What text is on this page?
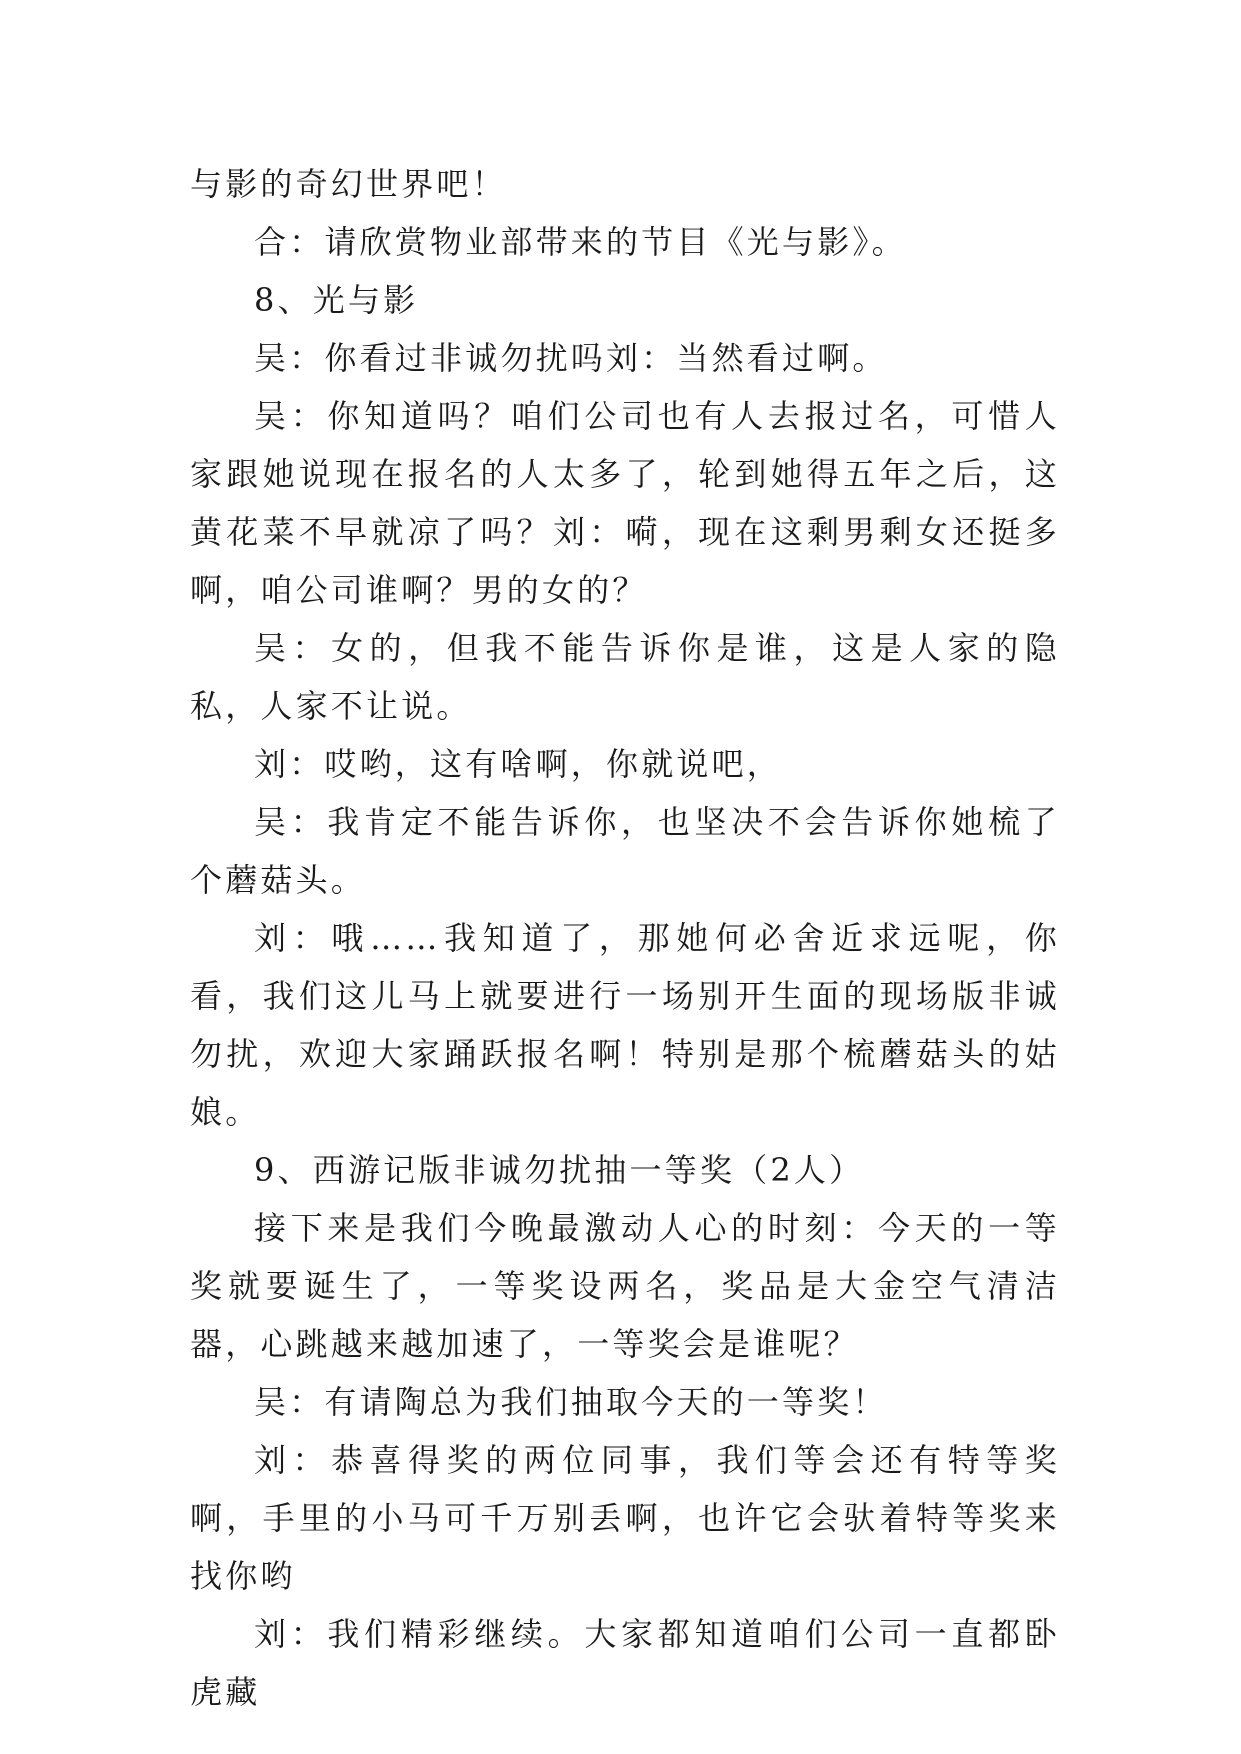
与影的奇幻世界吧！

合：请欣赏物业部带来的节目《光与影》。

8、光与影

吴：你看过非诚勿扰吗刘：当然看过啊。

吴：你知道吗？咱们公司也有人去报过名，可惜人家跟她说现在报名的人太多了，轮到她得五年之后，这黄花菜不早就凉了吗？刘：嗬，现在这剩男剩女还挺多啊，咱公司谁啊？男的女的？

吴：女的，但我不能告诉你是谁，这是人家的隐私，人家不让说。

刘：哎哟，这有啥啊，你就说吧，

吴：我肯定不能告诉你，也坚决不会告诉你她梳了个蘑菇头。

刘：哦……我知道了，那她何必舍近求远呢，你看，我们这儿马上就要进行一场别开生面的现场版非诚勿扰，欢迎大家踊跃报名啊！特别是那个梳蘑菇头的姑娘。

9、西游记版非诚勿扰抽一等奖（2人）

接下来是我们今晚最激动人心的时刻：今天的一等奖就要诞生了，一等奖设两名，奖品是大金空气清洁器，心跳越来越加速了，一等奖会是谁呢？

吴：有请陶总为我们抽取今天的一等奖！

刘：恭喜得奖的两位同事，我们等会还有特等奖啊，手里的小马可千万别丢啊，也许它会驮着特等奖来找你哟

刘：我们精彩继续。大家都知道咱们公司一直都卧虎藏
